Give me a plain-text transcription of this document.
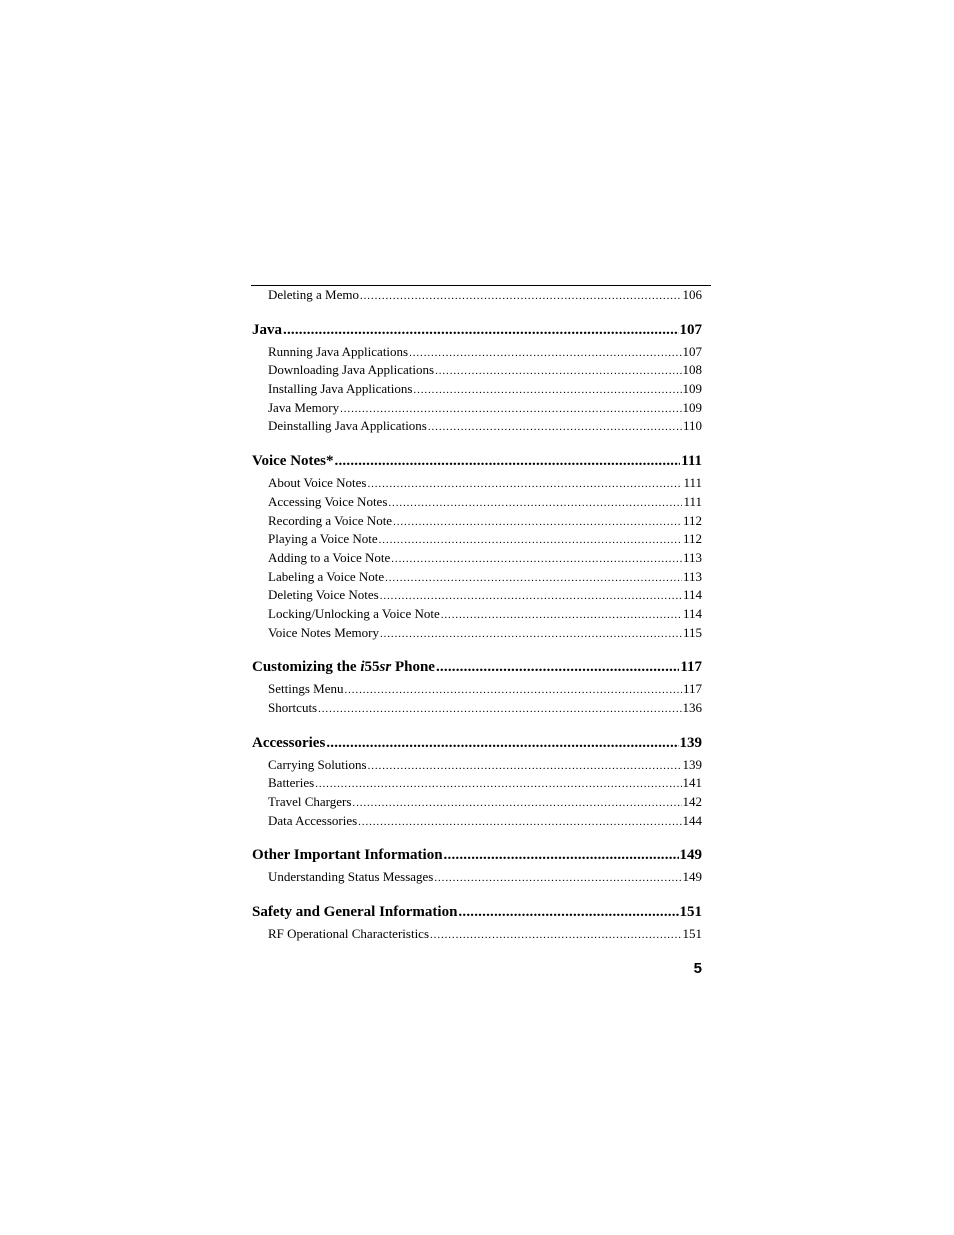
Deleting a Memo .....	106
Java .....	107
Running Java Applications .....	107
Downloading Java Applications .....	108
Installing Java Applications .....	109
Java Memory .....	109
Deinstalling Java Applications .....	110
Voice Notes* .....	111
About Voice Notes .....	111
Accessing Voice Notes .....	111
Recording a Voice Note .....	112
Playing a Voice Note .....	112
Adding to a Voice Note .....	113
Labeling a Voice Note .....	113
Deleting Voice Notes .....	114
Locking/Unlocking a Voice Note .....	114
Voice Notes Memory .....	115
Customizing the i55sr Phone .....	117
Settings Menu .....	117
Shortcuts .....	136
Accessories .....	139
Carrying Solutions .....	139
Batteries .....	141
Travel Chargers .....	142
Data Accessories .....	144
Other Important Information .....	149
Understanding Status Messages .....	149
Safety and General Information .....	151
RF Operational Characteristics .....	151
5
